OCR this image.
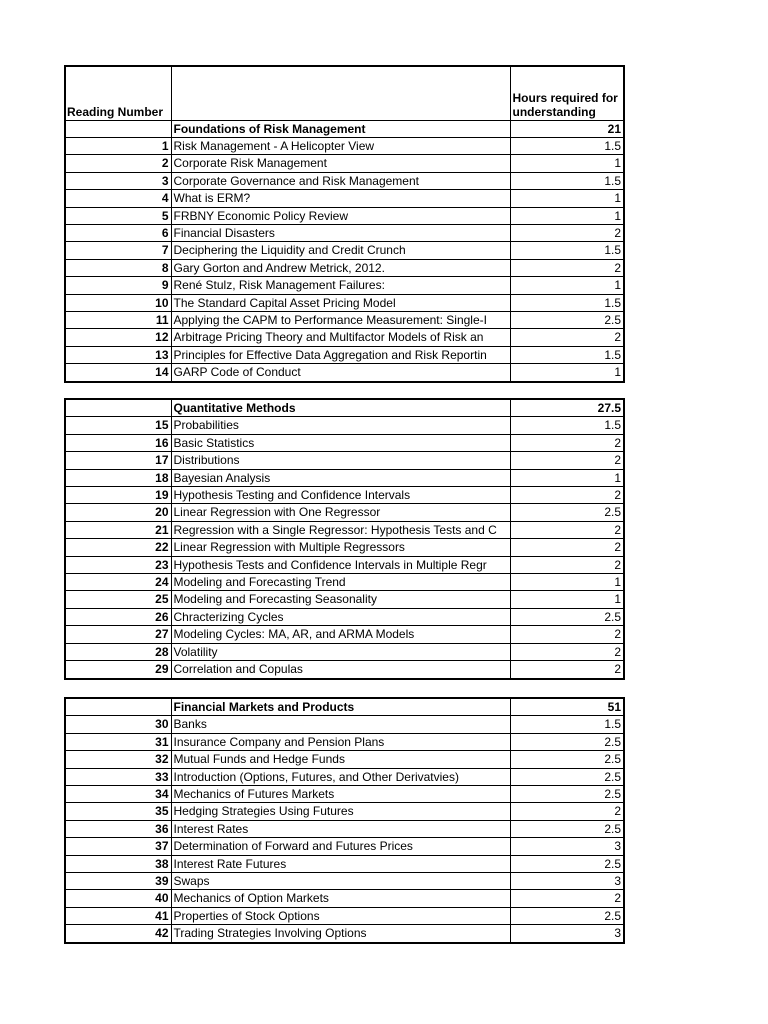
Reading Number		Hours required for understanding
	Foundations of Risk Management	21
1	Risk Management - A Helicopter View	1.5
2	Corporate Risk Management	1
3	Corporate Governance and Risk Management	1.5
4	What is ERM?	1
5	FRBNY Economic Policy Review	1
6	Financial Disasters	2
7	Deciphering the Liquidity and Credit Crunch	1.5
8	Gary Gorton and Andrew Metrick, 2012.	2
9	René Stulz, Risk Management Failures:	1
10	The Standard Capital Asset Pricing Model	1.5
11	Applying the CAPM to Performance Measurement: Single-I	2.5
12	Arbitrage Pricing Theory and Multifactor Models of Risk an	2
13	Principles for Effective Data Aggregation and Risk Reportin	1.5
14	GARP Code of Conduct	1
	Quantitative Methods	27.5
15	Probabilities	1.5
16	Basic Statistics	2
17	Distributions	2
18	Bayesian Analysis	1
19	Hypothesis Testing and Confidence Intervals	2
20	Linear Regression with One Regressor	2.5
21	Regression with a Single Regressor: Hypothesis Tests and C	2
22	Linear Regression with Multiple Regressors	2
23	Hypothesis Tests and Confidence Intervals in Multiple Regr	2
24	Modeling and Forecasting Trend	1
25	Modeling and Forecasting Seasonality	1
26	Chracterizing Cycles	2.5
27	Modeling Cycles: MA, AR, and ARMA Models	2
28	Volatility	2
29	Correlation and Copulas	2
	Financial Markets and Products	51
30	Banks	1.5
31	Insurance Company and Pension Plans	2.5
32	Mutual Funds and Hedge Funds	2.5
33	Introduction (Options, Futures, and Other Derivatvies)	2.5
34	Mechanics of Futures Markets	2.5
35	Hedging Strategies Using Futures	2
36	Interest Rates	2.5
37	Determination of Forward and Futures Prices	3
38	Interest Rate Futures	2.5
39	Swaps	3
40	Mechanics of Option Markets	2
41	Properties of Stock Options	2.5
42	Trading Strategies Involving Options	3
